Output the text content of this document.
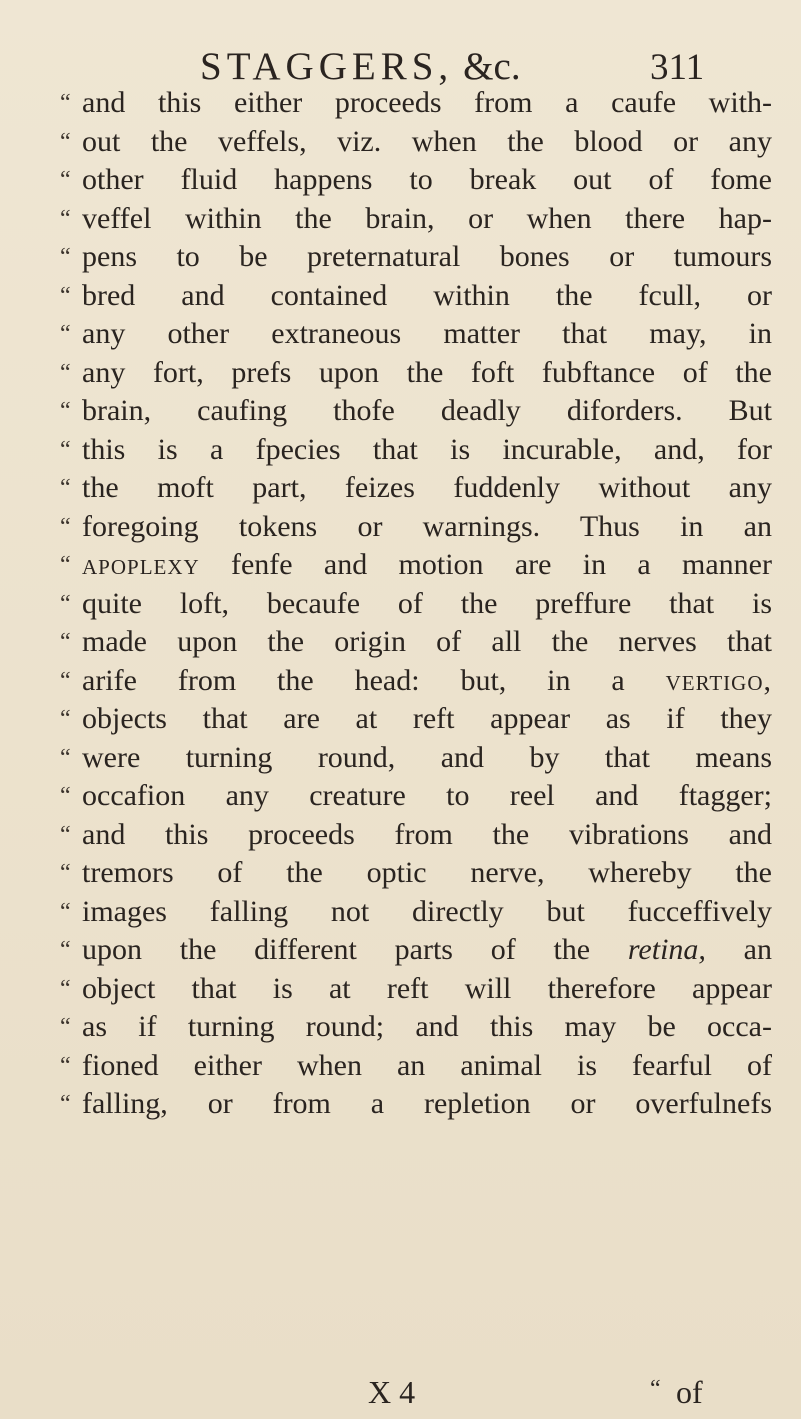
STAGGERS, &c.	311
“ and this either proceeds from a caufe with-
“ out the veffels, viz. when the blood or any
“ other fluid happens to break out of fome
“ veffel within the brain, or when there hap-
“ pens to be preternatural bones or tumours
“ bred and contained within the fcull, or
“ any other extraneous matter that may, in
“ any fort, prefs upon the foft fubftance of the
“ brain, caufing thofe deadly diforders. But
“ this is a fpecies that is incurable, and, for
“ the moft part, feizes fuddenly without any
“ foregoing tokens or warnings. Thus in an
“ apoplexy fenfe and motion are in a manner
“ quite loft, becaufe of the preffure that is
“ made upon the origin of all the nerves that
“ arife from the head: but, in a vertigo,
“ objects that are at reft appear as if they
“ were turning round, and by that means
“ occafion any creature to reel and ftagger;
“ and this proceeds from the vibrations and
“ tremors of the optic nerve, whereby the
“ images falling not directly but fucceffively
“ upon the different parts of the retina, an
“ object that is at reft will therefore appear
“ as if turning round; and this may be occa-
“ fioned either when an animal is fearful of
“ falling, or from a repletion or overfulnefs
X 4	“ of
